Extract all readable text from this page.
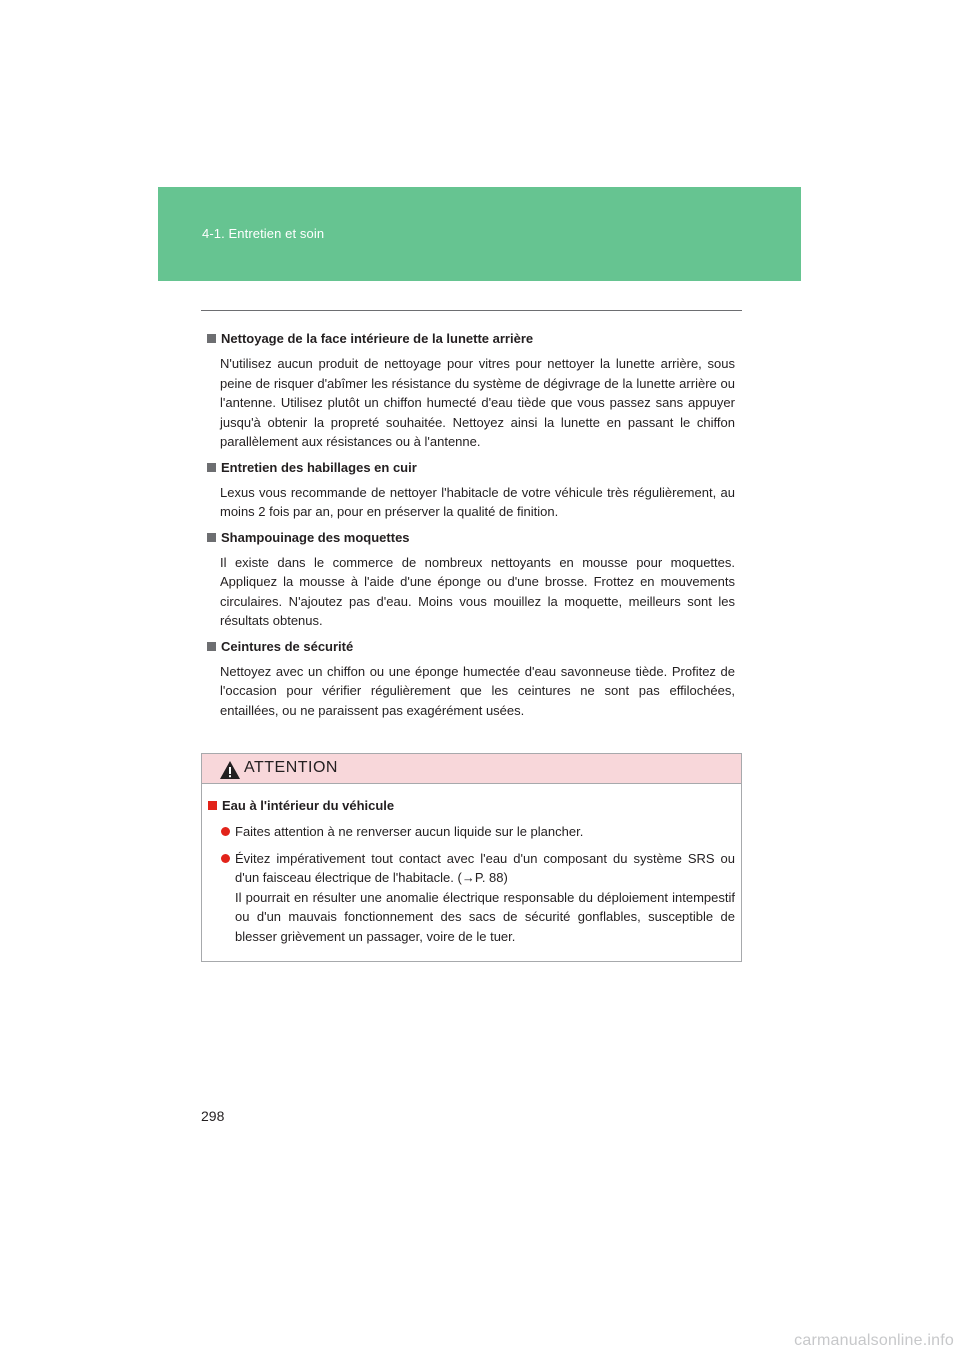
4-1. Entretien et soin
Nettoyage de la face intérieure de la lunette arrière

N'utilisez aucun produit de nettoyage pour vitres pour nettoyer la lunette arrière, sous peine de risquer d'abîmer les résistance du système de dégivrage de la lunette arrière ou l'antenne. Utilisez plutôt un chiffon humecté d'eau tiède que vous passez sans appuyer jusqu'à obtenir la propreté souhaitée. Nettoyez ainsi la lunette en passant le chiffon parallèlement aux résistances ou à l'antenne.

Entretien des habillages en cuir

Lexus vous recommande de nettoyer l'habitacle de votre véhicule très régulièrement, au moins 2 fois par an, pour en préserver la qualité de finition.

Shampouinage des moquettes

Il existe dans le commerce de nombreux nettoyants en mousse pour moquettes. Appliquez la mousse à l'aide d'une éponge ou d'une brosse. Frottez en mouvements circulaires. N'ajoutez pas d'eau. Moins vous mouillez la moquette, meilleurs sont les résultats obtenus.

Ceintures de sécurité

Nettoyez avec un chiffon ou une éponge humectée d'eau savonneuse tiède. Profitez de l'occasion pour vérifier régulièrement que les ceintures ne sont pas effilochées, entaillées, ou ne paraissent pas exagérément usées.

ATTENTION
Eau à l'intérieur du véhicule
Faites attention à ne renverser aucun liquide sur le plancher.
Évitez impérativement tout contact avec l'eau d'un composant du système SRS ou d'un faisceau électrique de l'habitacle. (→P. 88)
Il pourrait en résulter une anomalie électrique responsable du déploiement intempestif ou d'un mauvais fonctionnement des sacs de sécurité gonflables, susceptible de blesser grièvement un passager, voire de le tuer.
298
carmanualsonline.info
